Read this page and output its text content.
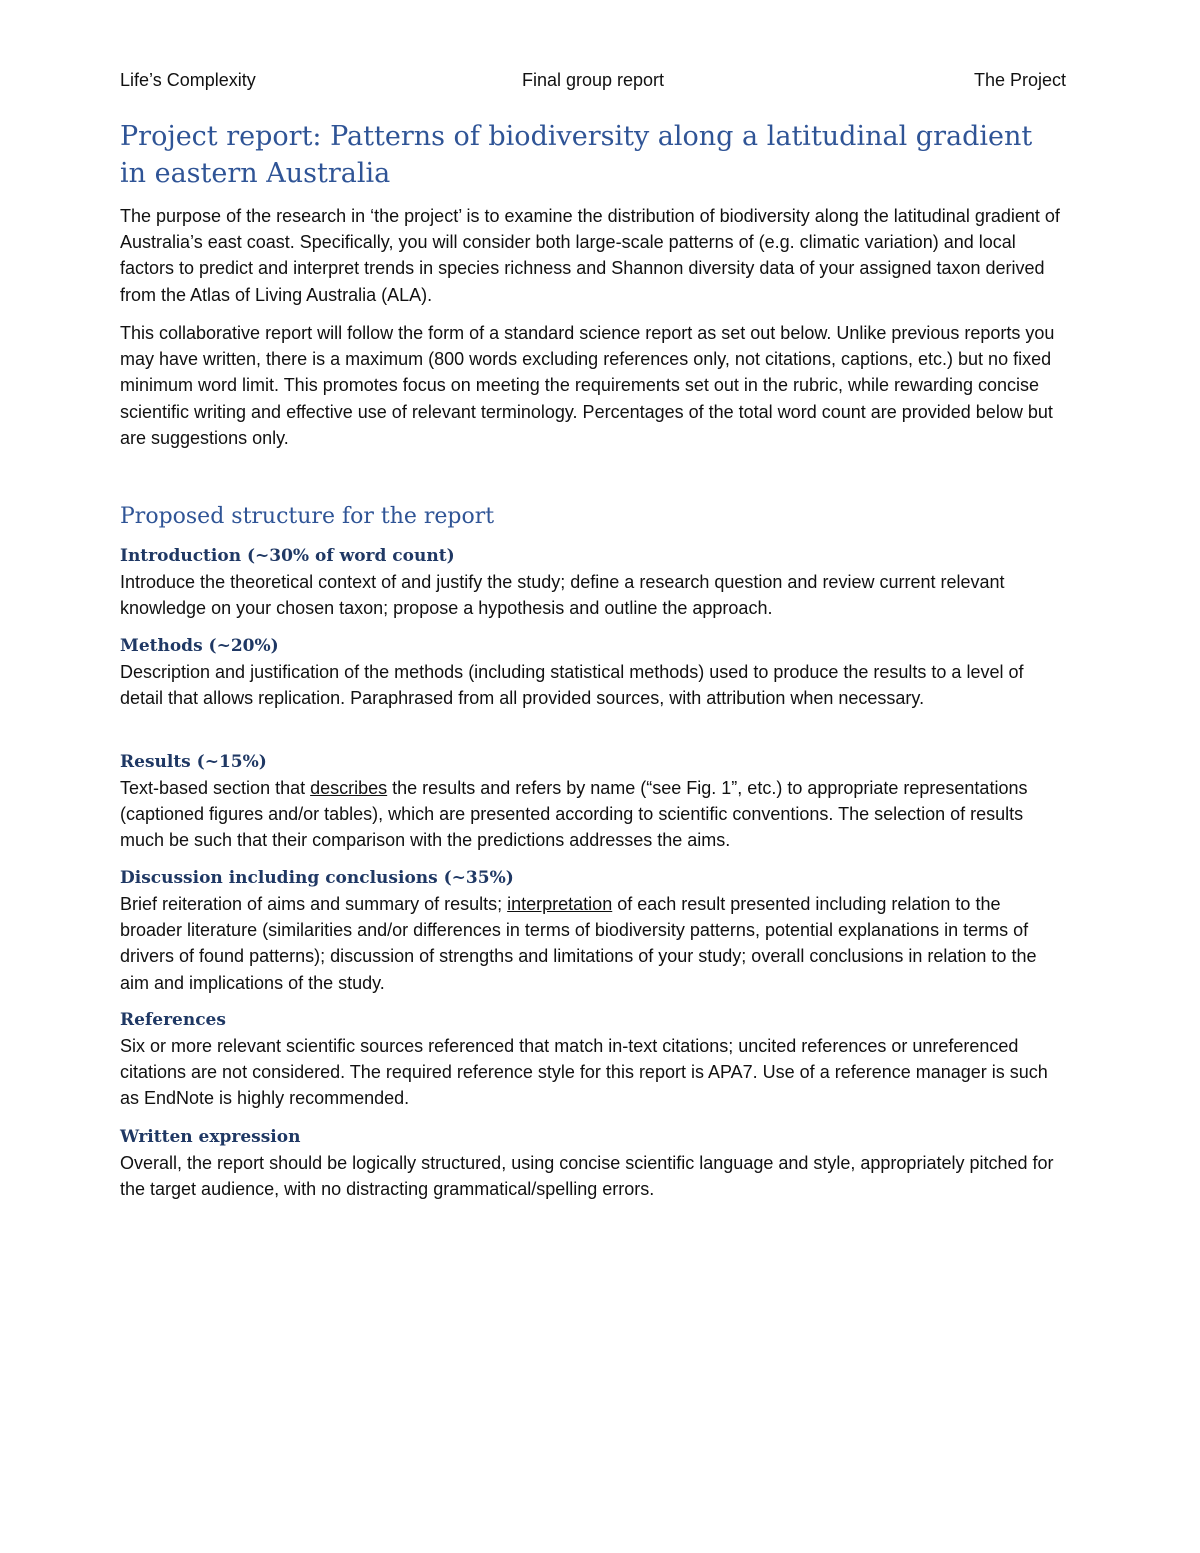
Life’s Complexity	Final group report	The Project
Project report: Patterns of biodiversity along a latitudinal gradient in eastern Australia

The purpose of the research in ‘the project’ is to examine the distribution of biodiversity along the latitudinal gradient of Australia’s east coast. Specifically, you will consider both large-scale patterns of (e.g. climatic variation) and local factors to predict and interpret trends in species richness and Shannon diversity data of your assigned taxon derived from the Atlas of Living Australia (ALA).

This collaborative report will follow the form of a standard science report as set out below. Unlike previous reports you may have written, there is a maximum (800 words excluding references only, not citations, captions, etc.) but no fixed minimum word limit. This promotes focus on meeting the requirements set out in the rubric, while rewarding concise scientific writing and effective use of relevant terminology. Percentages of the total word count are provided below but are suggestions only.

Proposed structure for the report
Introduction (~30% of word count)

Introduce the theoretical context of and justify the study; define a research question and review current relevant knowledge on your chosen taxon; propose a hypothesis and outline the approach.

Methods (~20%)

Description and justification of the methods (including statistical methods) used to produce the results to a level of detail that allows replication. Paraphrased from all provided sources, with attribution when necessary.

Results (~15%)

Text-based section that describes the results and refers by name (“see Fig. 1”, etc.) to appropriate representations (captioned figures and/or tables), which are presented according to scientific conventions. The selection of results much be such that their comparison with the predictions addresses the aims.

Discussion including conclusions (~35%)

Brief reiteration of aims and summary of results; interpretation of each result presented including relation to the broader literature (similarities and/or differences in terms of biodiversity patterns, potential explanations in terms of drivers of found patterns); discussion of strengths and limitations of your study; overall conclusions in relation to the aim and implications of the study.

References

Six or more relevant scientific sources referenced that match in-text citations; uncited references or unreferenced citations are not considered. The required reference style for this report is APA7. Use of a reference manager is such as EndNote is highly recommended.

Written expression

Overall, the report should be logically structured, using concise scientific language and style, appropriately pitched for the target audience, with no distracting grammatical/spelling errors.
